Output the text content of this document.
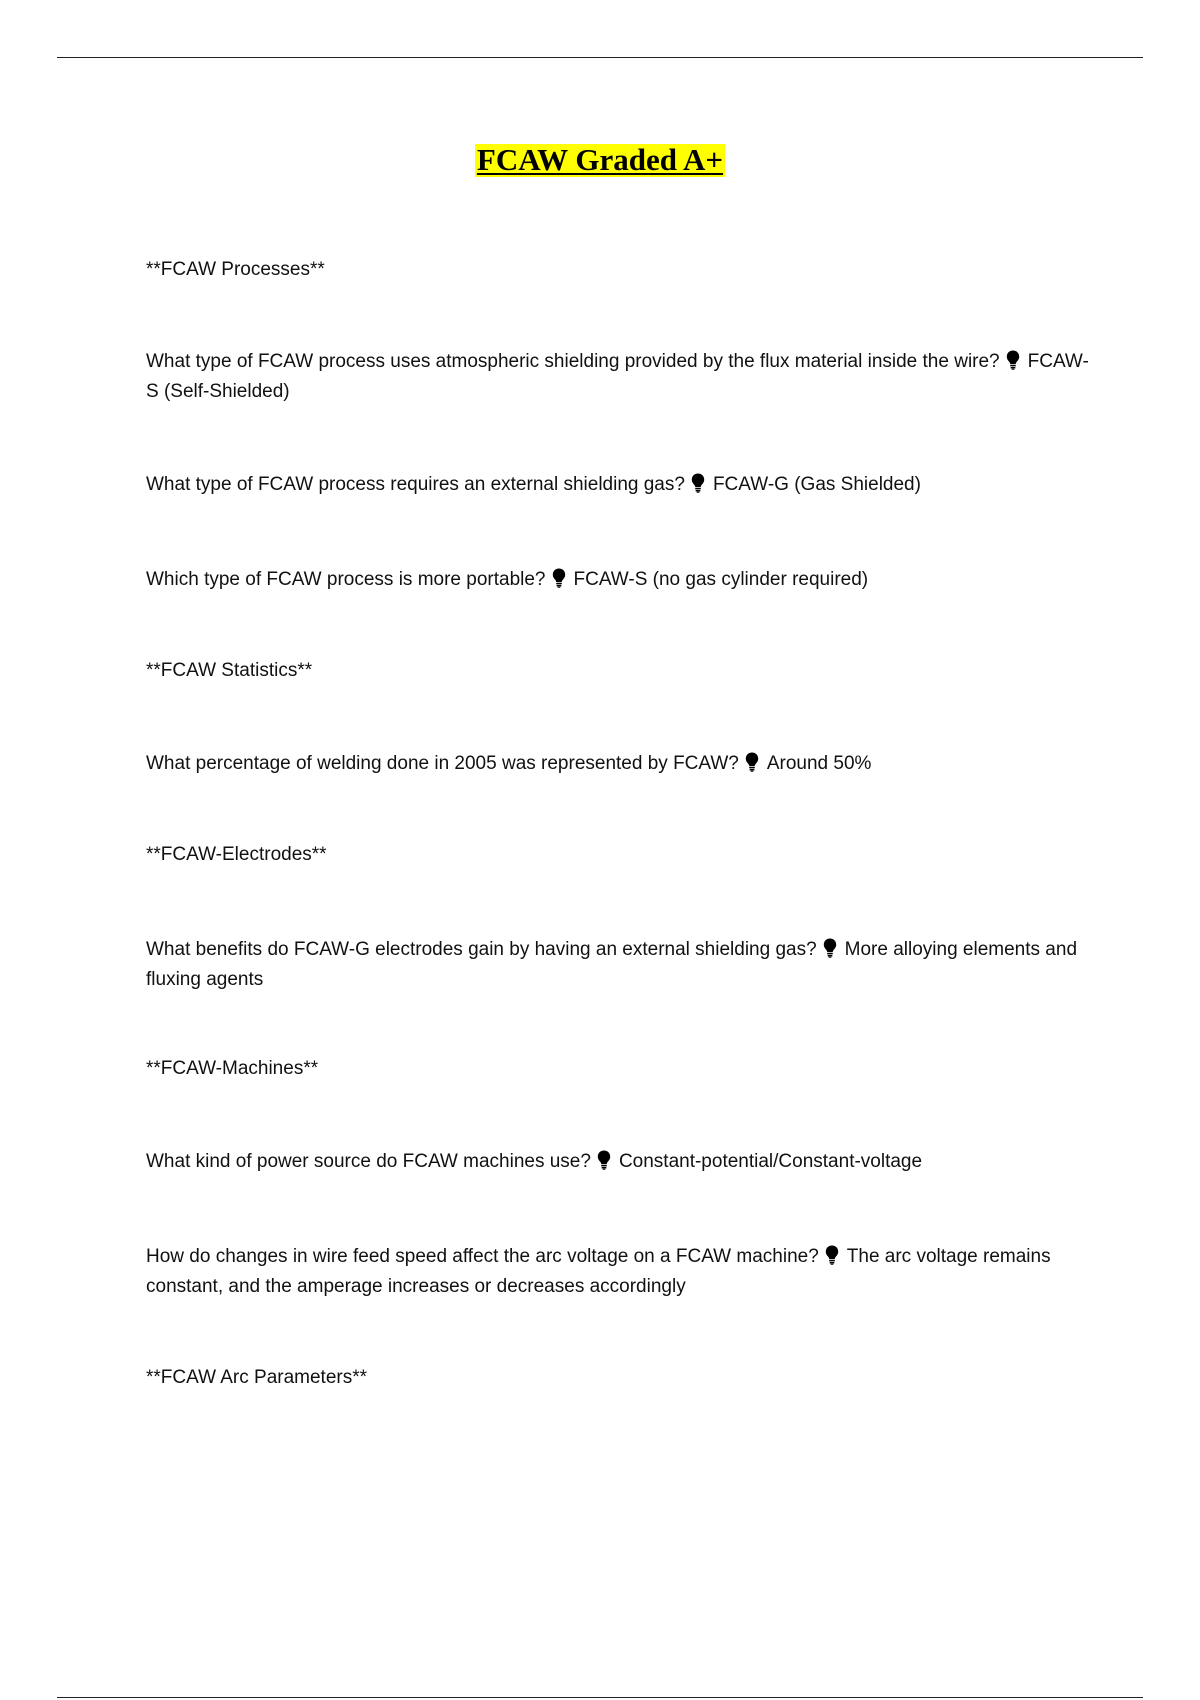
FCAW Graded A+
**FCAW Processes**
What type of FCAW process uses atmospheric shielding provided by the flux material inside the wire? FCAW-S (Self-Shielded)
What type of FCAW process requires an external shielding gas? FCAW-G (Gas Shielded)
Which type of FCAW process is more portable? FCAW-S (no gas cylinder required)
**FCAW Statistics**
What percentage of welding done in 2005 was represented by FCAW? Around 50%
**FCAW-Electrodes**
What benefits do FCAW-G electrodes gain by having an external shielding gas? More alloying elements and fluxing agents
**FCAW-Machines**
What kind of power source do FCAW machines use? Constant-potential/Constant-voltage
How do changes in wire feed speed affect the arc voltage on a FCAW machine? The arc voltage remains constant, and the amperage increases or decreases accordingly
**FCAW Arc Parameters**
